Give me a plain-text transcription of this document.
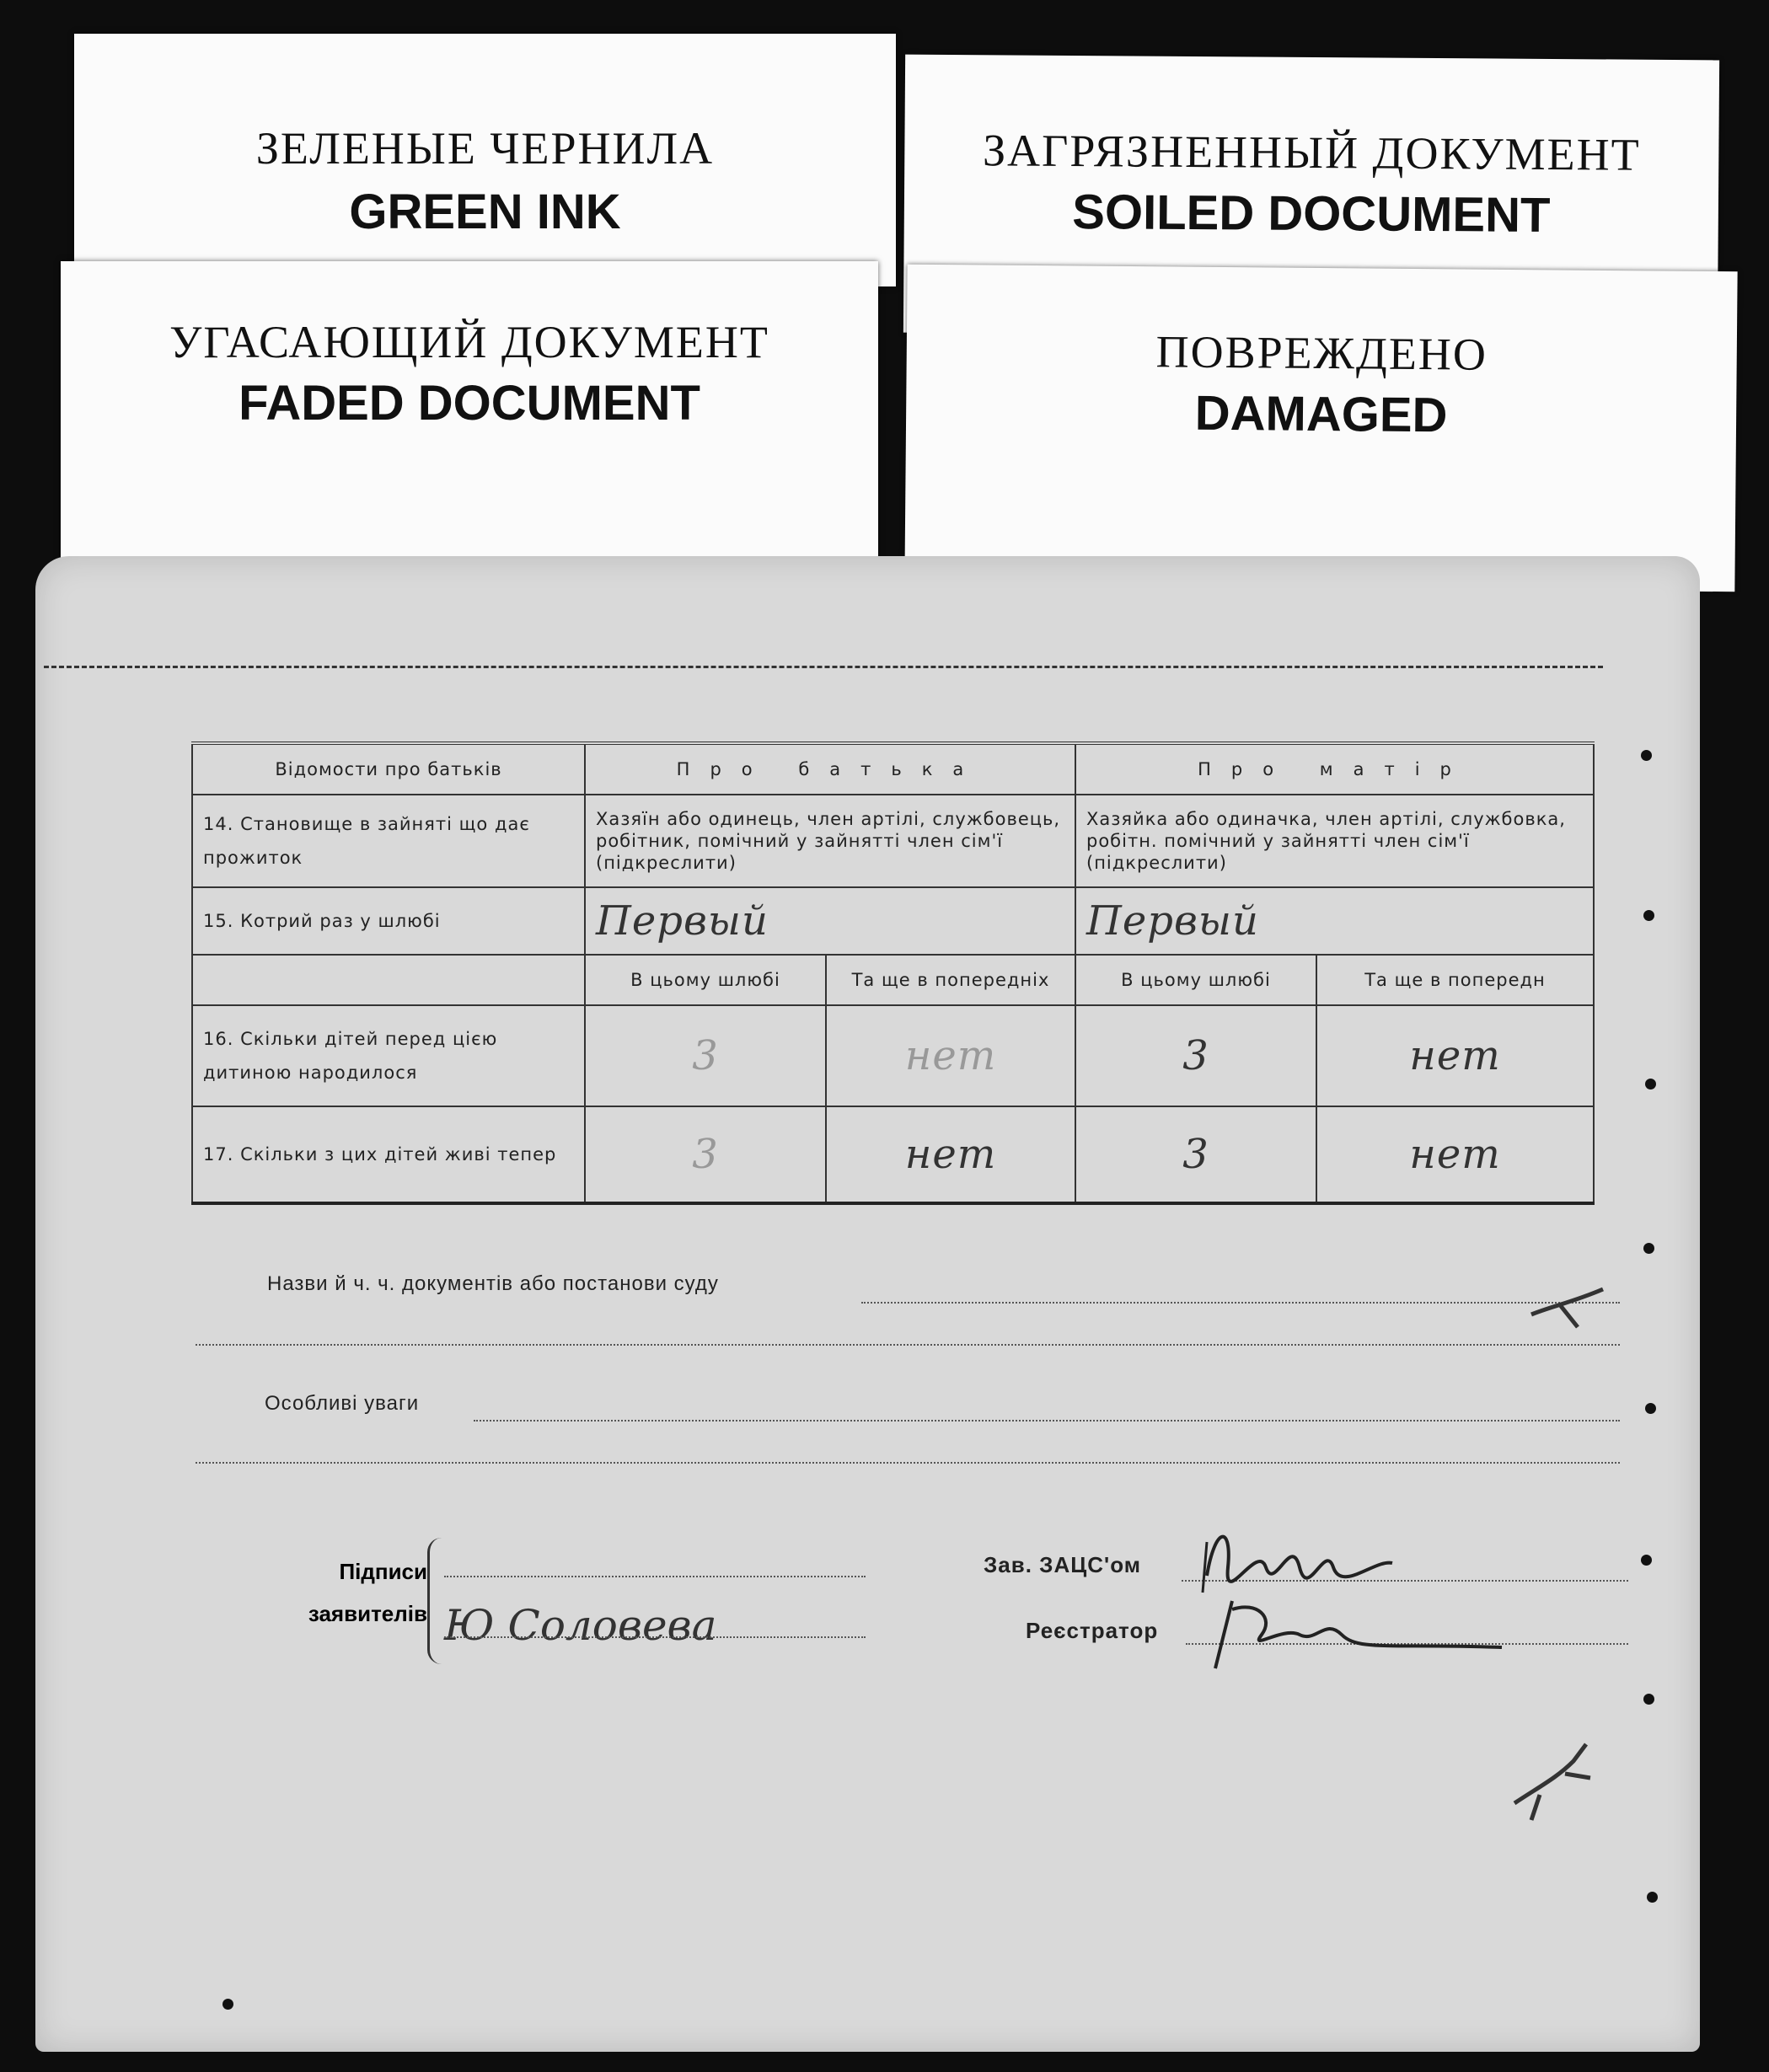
ЗЕЛЕНЫЕ ЧЕРНИЛА
GREEN INK
ЗАГРЯЗНЕННЫЙ ДОКУМЕНТ
SOILED DOCUMENT
УГАСАЮЩИЙ ДОКУМЕНТ
FADED DOCUMENT
ПОВРЕЖДЕНО
DAMAGED
Відомости про батьків	Про батька		Про матір	
14. Становище в зайняті що дає прожиток	Хазяїн або одинець, член артілі, службовець, робітник, помічний у зайнятті член сім'ї (підкреслити)		Хазяйка або одиначка, член артілі, службовка, робітн. помічний у зайнятті член сім'ї (підкреслити)	
15. Котрий раз у шлюбі	Первый		Первый	
	В цьому шлюбі	Та ще в попередніх	В цьому шлюбі	Та ще в попередн
16. Скільки дітей перед цією дитиною народилося	3	нет	3	нет
17. Скільки з цих дітей живі тепер	3	нет	3	нет
Назви й ч. ч. документів або постанови суду
Особливі уваги
Підписи
заявителів Ю Соловева
Зав. ЗАЦС'ом
Реєстратор
